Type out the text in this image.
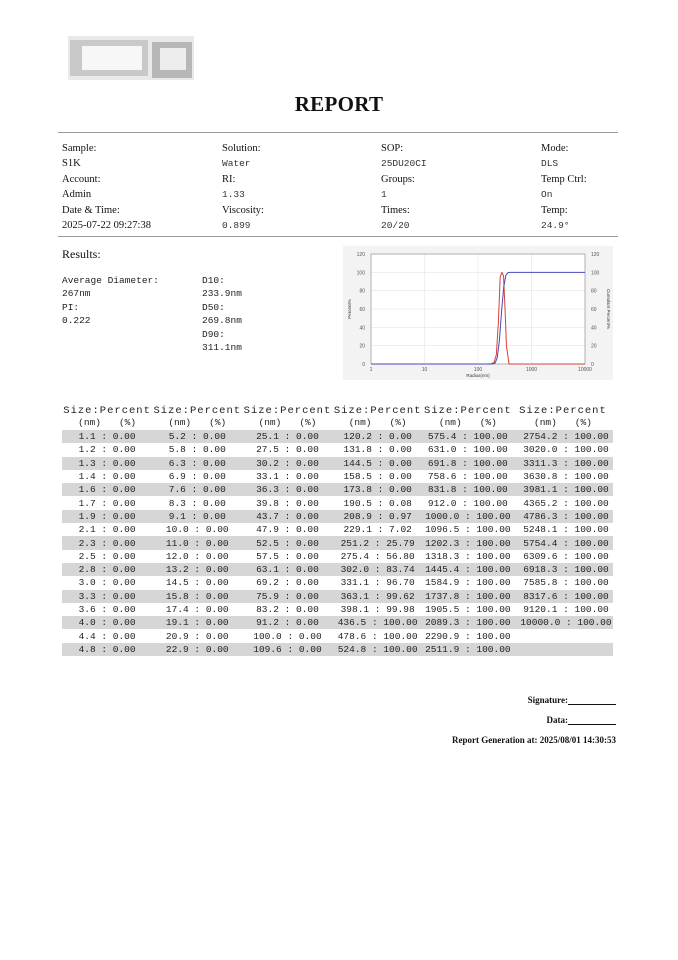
REPORT
Sample:
S1K
Account:
Admin
Date & Time:
2025-07-22 09:27:38
Solution:
Water
RI:
1.33
Viscosity:
0.899
SOP:
25DU20CI
Groups:
1
Times:
20/20
Mode:
DLS
Temp Ctrl:
On
Temp:
24.9°
Results:
Average Diameter:
267nm
PI:
0.222
D10:
233.9nm
D50:
269.8nm
D90:
311.1nm
0	0
20	20
40	40
60	60
80	80
100	100
120	120
1	10	100	1000	10000
Radius(nm)
Percent%	Cumulant Percent%
Size:Percent	Size:Percent	Size:Percent	Size:Percent	Size:Percent	Size:Percent
(nm) (%)	(nm) (%)	(nm) (%)	(nm) (%)	(nm) (%)	(nm) (%)
1.1 : 0.00	5.2 : 0.00	25.1 : 0.00	120.2 : 0.00	575.4 : 100.00	2754.2 : 100.00
1.2 : 0.00	5.8 : 0.00	27.5 : 0.00	131.8 : 0.00	631.0 : 100.00	3020.0 : 100.00
1.3 : 0.00	6.3 : 0.00	30.2 : 0.00	144.5 : 0.00	691.8 : 100.00	3311.3 : 100.00
1.4 : 0.00	6.9 : 0.00	33.1 : 0.00	158.5 : 0.00	758.6 : 100.00	3630.8 : 100.00
1.6 : 0.00	7.6 : 0.00	36.3 : 0.00	173.8 : 0.00	831.8 : 100.00	3981.1 : 100.00
1.7 : 0.00	8.3 : 0.00	39.8 : 0.00	190.5 : 0.08	912.0 : 100.00	4365.2 : 100.00
1.9 : 0.00	9.1 : 0.00	43.7 : 0.00	208.9 : 0.97	1000.0 : 100.00	4786.3 : 100.00
2.1 : 0.00	10.0 : 0.00	47.9 : 0.00	229.1 : 7.02	1096.5 : 100.00	5248.1 : 100.00
2.3 : 0.00	11.0 : 0.00	52.5 : 0.00	251.2 : 25.79	1202.3 : 100.00	5754.4 : 100.00
2.5 : 0.00	12.0 : 0.00	57.5 : 0.00	275.4 : 56.80	1318.3 : 100.00	6309.6 : 100.00
2.8 : 0.00	13.2 : 0.00	63.1 : 0.00	302.0 : 83.74	1445.4 : 100.00	6918.3 : 100.00
3.0 : 0.00	14.5 : 0.00	69.2 : 0.00	331.1 : 96.70	1584.9 : 100.00	7585.8 : 100.00
3.3 : 0.00	15.8 : 0.00	75.9 : 0.00	363.1 : 99.62	1737.8 : 100.00	8317.6 : 100.00
3.6 : 0.00	17.4 : 0.00	83.2 : 0.00	398.1 : 99.98	1905.5 : 100.00	9120.1 : 100.00
4.0 : 0.00	19.1 : 0.00	91.2 : 0.00	436.5 : 100.00	2089.3 : 100.00	10000.0 : 100.00
4.4 : 0.00	20.9 : 0.00	100.0 : 0.00	478.6 : 100.00	2290.9 : 100.00	
4.8 : 0.00	22.9 : 0.00	109.6 : 0.00	524.8 : 100.00	2511.9 : 100.00	
Signature:
Data:
Report Generation at: 2025/08/01 14:30:53
